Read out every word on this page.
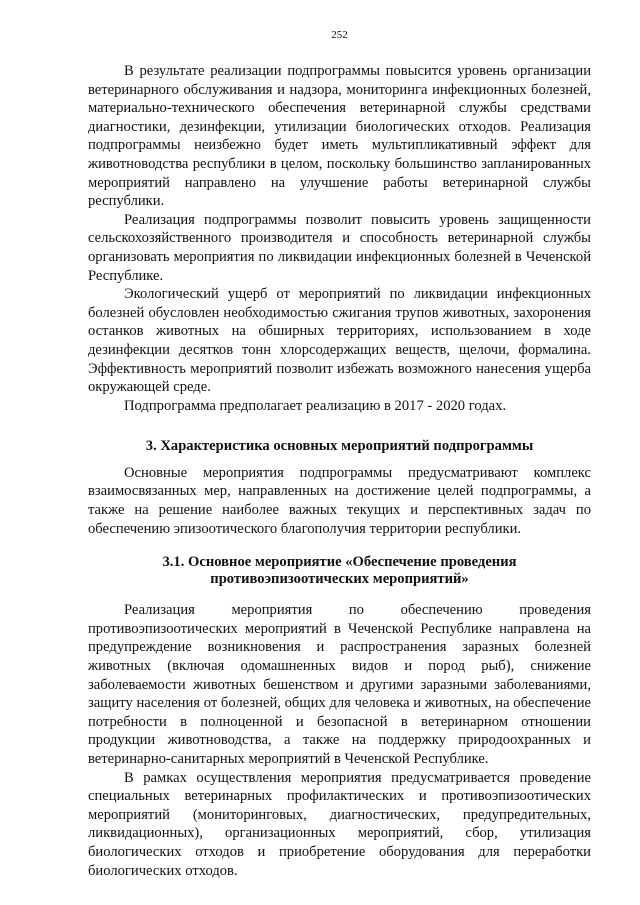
252

В результате реализации подпрограммы повысится уровень организации ветеринарного обслуживания и надзора, мониторинга инфекционных болезней, материально-технического обеспечения ветеринарной службы средствами диагностики, дезинфекции, утилизации биологических отходов. Реализация подпрограммы неизбежно будет иметь мультипликативный эффект для животноводства республики в целом, поскольку большинство запланированных мероприятий направлено на улучшение работы ветеринарной службы республики.

Реализация подпрограммы позволит повысить уровень защищенности сельскохозяйственного производителя и способность ветеринарной службы организовать мероприятия по ликвидации инфекционных болезней в Чеченской Республике.

Экологический ущерб от мероприятий по ликвидации инфекционных болезней обусловлен необходимостью сжигания трупов животных, захоронения останков животных на обширных территориях, использованием в ходе дезинфекции десятков тонн хлорсодержащих веществ, щелочи, формалина. Эффективность мероприятий позволит избежать возможного нанесения ущерба окружающей среде.

Подпрограмма предполагает реализацию в 2017 - 2020 годах.

3. Характеристика основных мероприятий подпрограммы

Основные мероприятия подпрограммы предусматривают комплекс взаимосвязанных мер, направленных на достижение целей подпрограммы, а также на решение наиболее важных текущих и перспективных задач по обеспечению эпизоотического благополучия территории республики.

3.1. Основное мероприятие «Обеспечение проведения
противоэпизоотических мероприятий»

Реализация мероприятия по обеспечению проведения противоэпизоотических мероприятий в Чеченской Республике направлена на предупреждение возникновения и распространения заразных болезней животных (включая одомашненных видов и пород рыб), снижение заболеваемости животных бешенством и другими заразными заболеваниями, защиту населения от болезней, общих для человека и животных, на обеспечение потребности в полноценной и безопасной в ветеринарном отношении продукции животноводства, а также на поддержку природоохранных и ветеринарно-санитарных мероприятий в Чеченской Республике.

В рамках осуществления мероприятия предусматривается проведение специальных ветеринарных профилактических и противоэпизоотических мероприятий (мониторинговых, диагностических, предупредительных, ликвидационных), организационных мероприятий, сбор, утилизация биологических отходов и приобретение оборудования для переработки биологических отходов.
